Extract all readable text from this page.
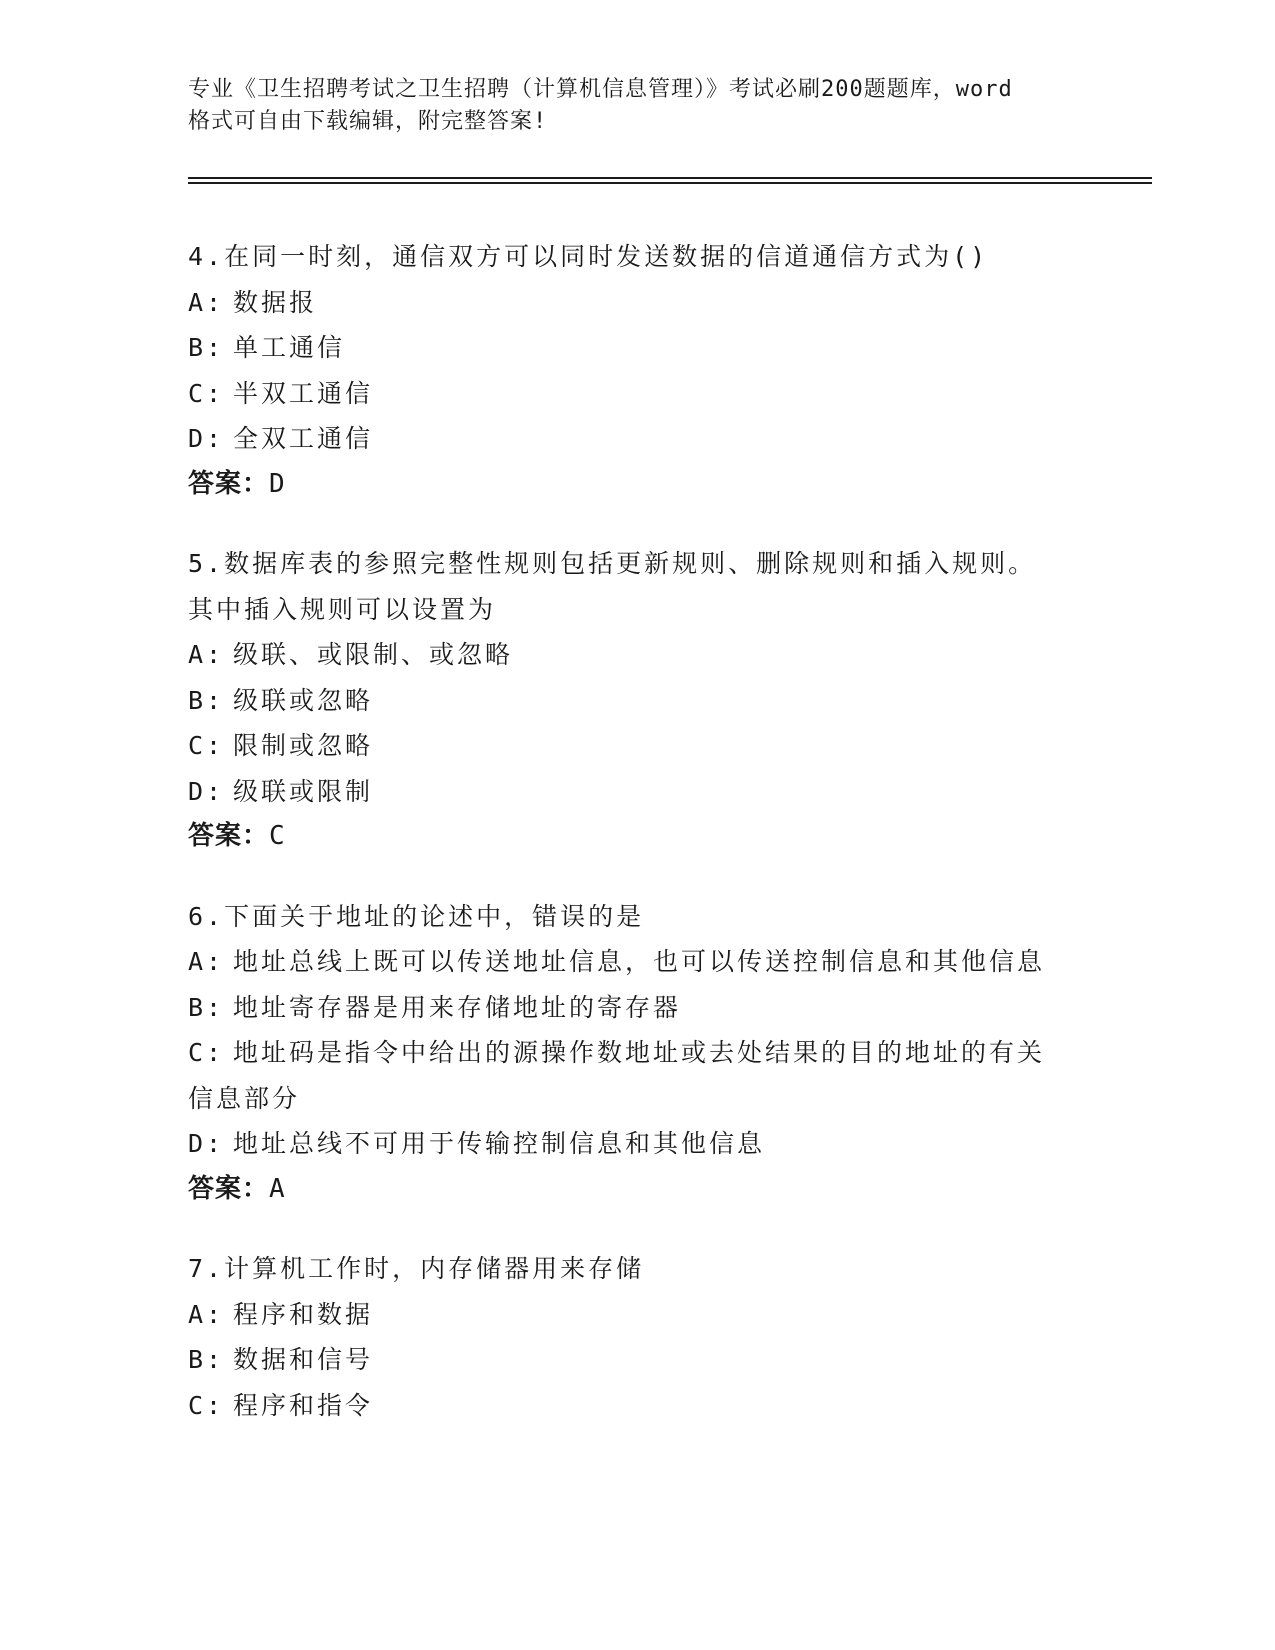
专业《卫生招聘考试之卫生招聘（计算机信息管理）》考试必刷200题题库，word
格式可自由下载编辑，附完整答案!
4.在同一时刻，通信双方可以同时发送数据的信道通信方式为()
A: 数据报
B: 单工通信
C: 半双工通信
D: 全双工通信
答案：D
5.数据库表的参照完整性规则包括更新规则、删除规则和插入规则。
其中插入规则可以设置为
A: 级联、或限制、或忽略
B: 级联或忽略
C: 限制或忽略
D: 级联或限制
答案：C
6.下面关于地址的论述中，错误的是
A: 地址总线上既可以传送地址信息，也可以传送控制信息和其他信息
B: 地址寄存器是用来存储地址的寄存器
C: 地址码是指令中给出的源操作数地址或去处结果的目的地址的有关
信息部分
D: 地址总线不可用于传输控制信息和其他信息
答案：A
7.计算机工作时，内存储器用来存储
A: 程序和数据
B: 数据和信号
C: 程序和指令
